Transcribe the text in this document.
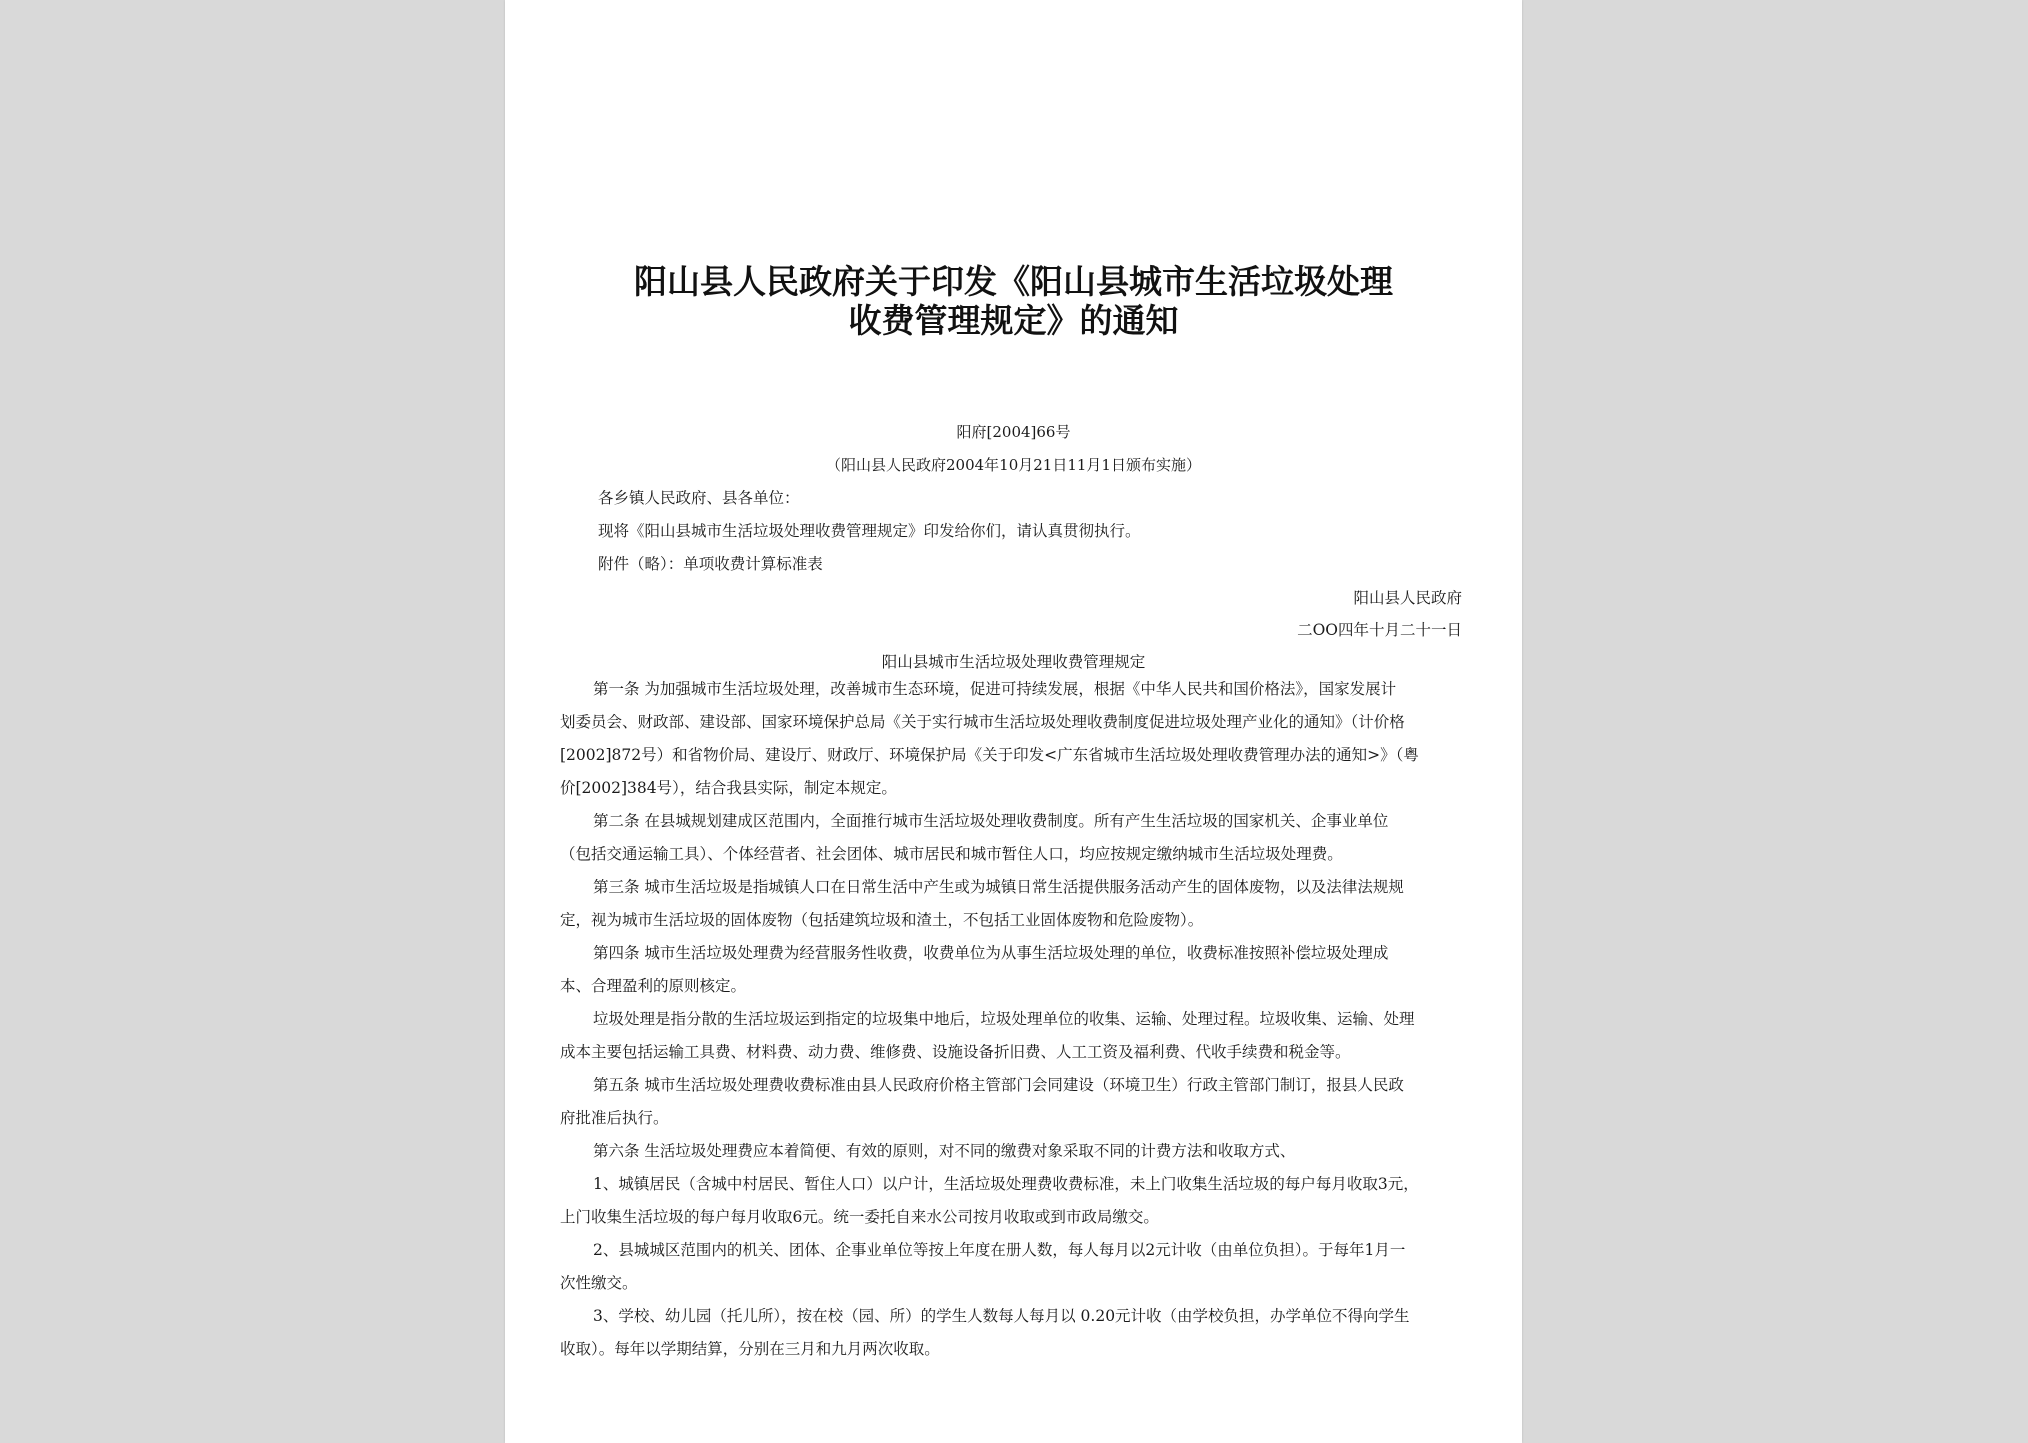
阳山县人民政府关于印发《阳山县城市生活垃圾处理
收费管理规定》的通知
阳府[2004]66号
（阳山县人民政府2004年10月21日11月1日颁布实施）
各乡镇人民政府、县各单位：
现将《阳山县城市生活垃圾处理收费管理规定》印发给你们，请认真贯彻执行。
附件（略）：单项收费计算标准表
阳山县人民政府
二OO四年十月二十一日
阳山县城市生活垃圾处理收费管理规定
第一条 为加强城市生活垃圾处理，改善城市生态环境，促进可持续发展，根据《中华人民共和国价格法》，国家发展计
划委员会、财政部、建设部、国家环境保护总局《关于实行城市生活垃圾处理收费制度促进垃圾处理产业化的通知》（计价格
[2002]872号）和省物价局、建设厅、财政厅、环境保护局《关于印发<广东省城市生活垃圾处理收费管理办法的通知>》（粤
价[2002]384号），结合我县实际，制定本规定。
第二条 在县城规划建成区范围内，全面推行城市生活垃圾处理收费制度。所有产生生活垃圾的国家机关、企事业单位
（包括交通运输工具）、个体经营者、社会团体、城市居民和城市暂住人口，均应按规定缴纳城市生活垃圾处理费。
第三条 城市生活垃圾是指城镇人口在日常生活中产生或为城镇日常生活提供服务活动产生的固体废物，以及法律法规规
定，视为城市生活垃圾的固体废物（包括建筑垃圾和渣土，不包括工业固体废物和危险废物）。
第四条 城市生活垃圾处理费为经营服务性收费，收费单位为从事生活垃圾处理的单位，收费标准按照补偿垃圾处理成
本、合理盈利的原则核定。
垃圾处理是指分散的生活垃圾运到指定的垃圾集中地后，垃圾处理单位的收集、运输、处理过程。垃圾收集、运输、处理
成本主要包括运输工具费、材料费、动力费、维修费、设施设备折旧费、人工工资及福利费、代收手续费和税金等。
第五条 城市生活垃圾处理费收费标准由县人民政府价格主管部门会同建设（环境卫生）行政主管部门制订，报县人民政
府批准后执行。
第六条 生活垃圾处理费应本着简便、有效的原则，对不同的缴费对象采取不同的计费方法和收取方式、
1、城镇居民（含城中村居民、暂住人口）以户计，生活垃圾处理费收费标准，未上门收集生活垃圾的每户每月收取3元，
上门收集生活垃圾的每户每月收取6元。统一委托自来水公司按月收取或到市政局缴交。
2、县城城区范围内的机关、团体、企事业单位等按上年度在册人数，每人每月以2元计收（由单位负担）。于每年1月一
次性缴交。
3、学校、幼儿园（托儿所），按在校（园、所）的学生人数每人每月以 0.20元计收（由学校负担，办学单位不得向学生
收取）。每年以学期结算，分别在三月和九月两次收取。
